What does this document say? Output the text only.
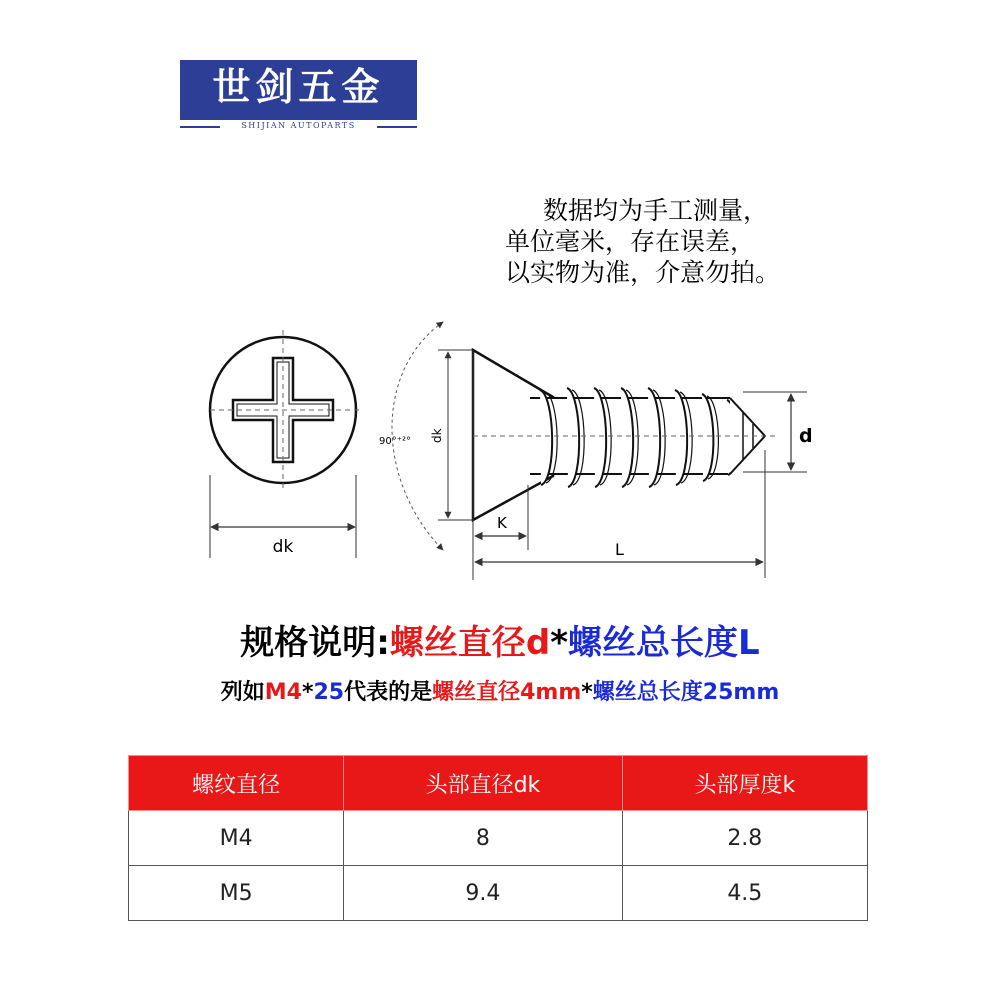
世剑五金
SHIJIAN AUTOPARTS
数据均为手工测量，
单位毫米，存在误差，
以实物为准，介意勿拍。
dk
90°⁺²° dk	d
K
L
规格说明:螺丝直径d*螺丝总长度L
列如M4*25代表的是螺丝直径4mm*螺丝总长度25mm
螺纹直径	头部直径dk	头部厚度k
M4	8	2.8
M5	9.4	4.5
